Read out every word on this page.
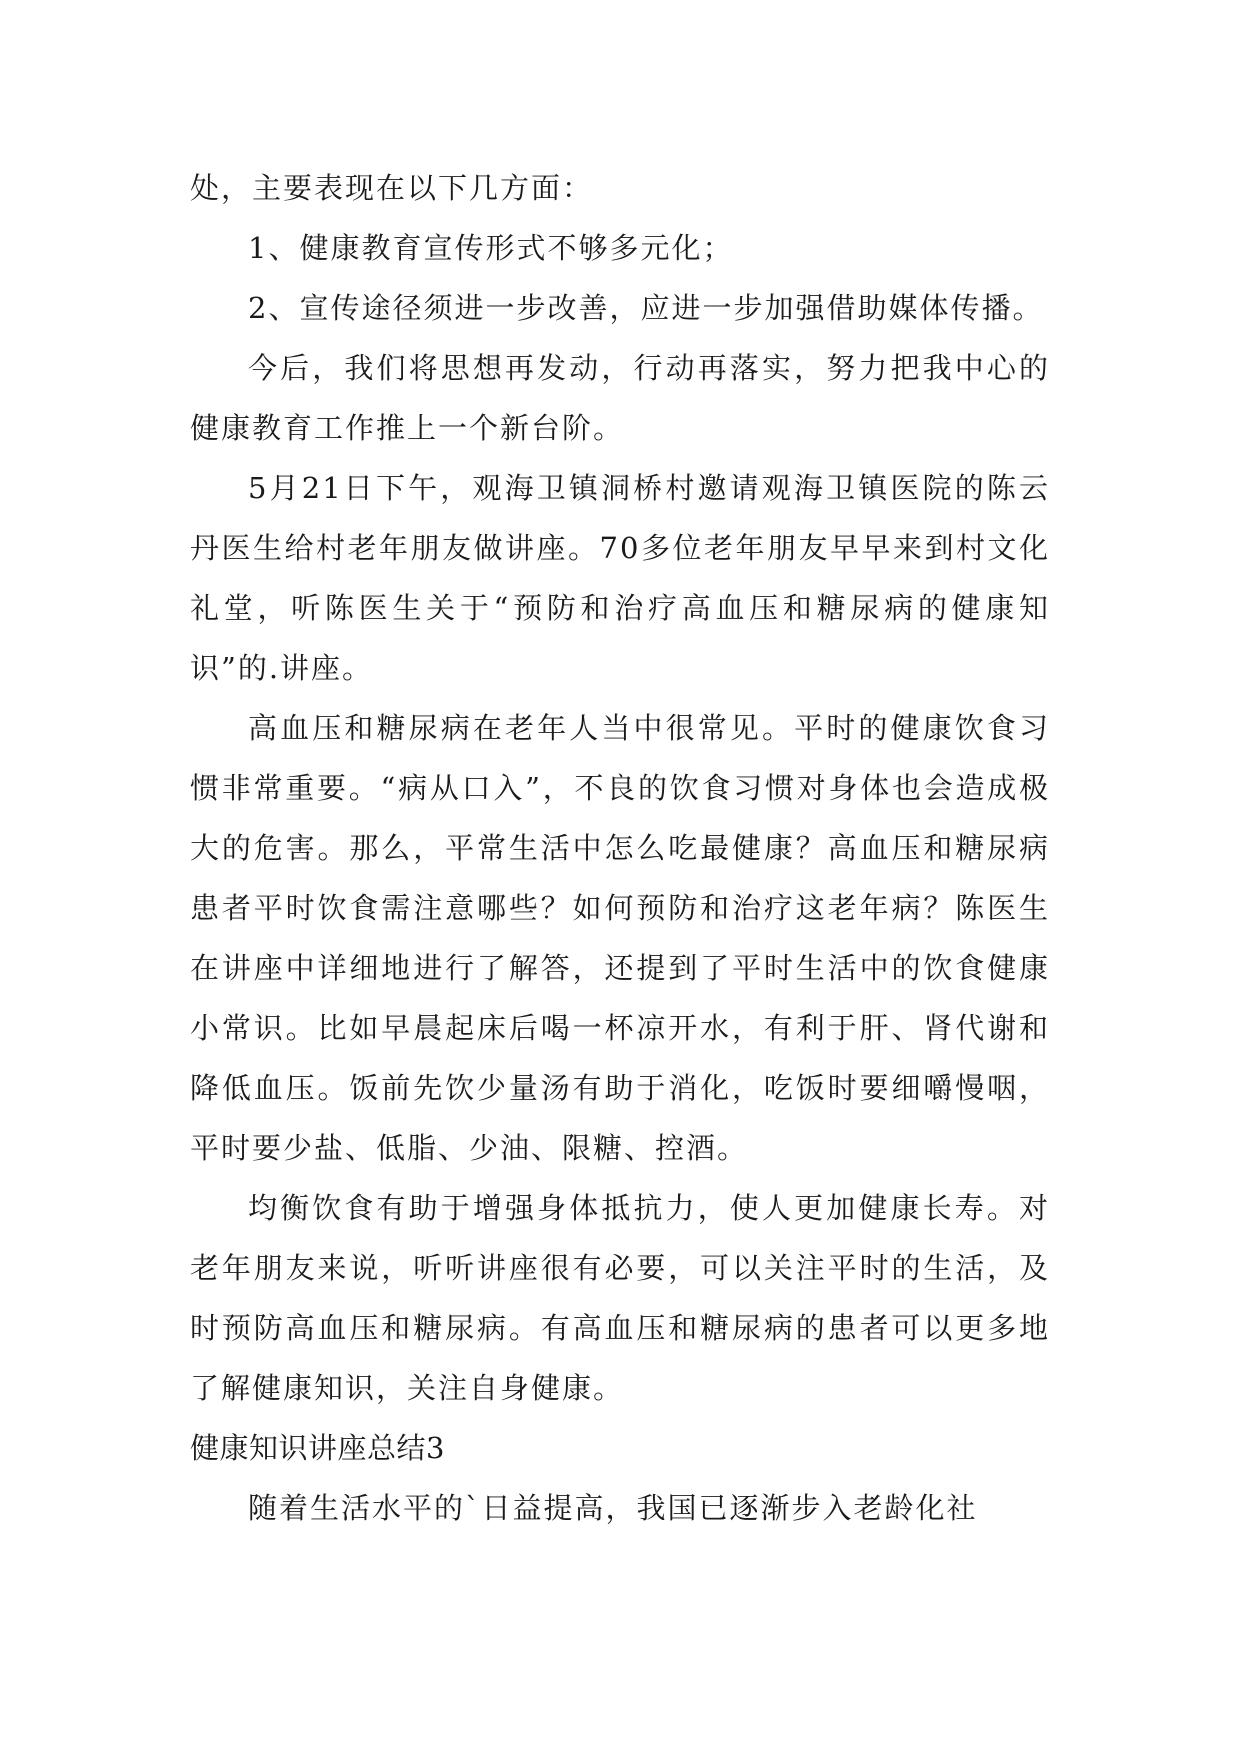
处，主要表现在以下几方面：

1、健康教育宣传形式不够多元化；

2、宣传途径须进一步改善，应进一步加强借助媒体传播。

今后，我们将思想再发动，行动再落实，努力把我中心的健康教育工作推上一个新台阶。

5月21日下午，观海卫镇洞桥村邀请观海卫镇医院的陈云丹医生给村老年朋友做讲座。70多位老年朋友早早来到村文化礼堂，听陈医生关于“预防和治疗高血压和糖尿病的健康知识”的.讲座。

高血压和糖尿病在老年人当中很常见。平时的健康饮食习惯非常重要。“病从口入”，不良的饮食习惯对身体也会造成极大的危害。那么，平常生活中怎么吃最健康？高血压和糖尿病患者平时饮食需注意哪些？如何预防和治疗这老年病？陈医生在讲座中详细地进行了解答，还提到了平时生活中的饮食健康小常识。比如早晨起床后喝一杯凉开水，有利于肝、肾代谢和降低血压。饭前先饮少量汤有助于消化，吃饭时要细嚼慢咽，平时要少盐、低脂、少油、限糖、控酒。

均衡饮食有助于增强身体抵抗力，使人更加健康长寿。对老年朋友来说，听听讲座很有必要，可以关注平时的生活，及时预防高血压和糖尿病。有高血压和糖尿病的患者可以更多地了解健康知识，关注自身健康。

健康知识讲座总结3

随着生活水平的`日益提高，我国已逐渐步入老龄化社
